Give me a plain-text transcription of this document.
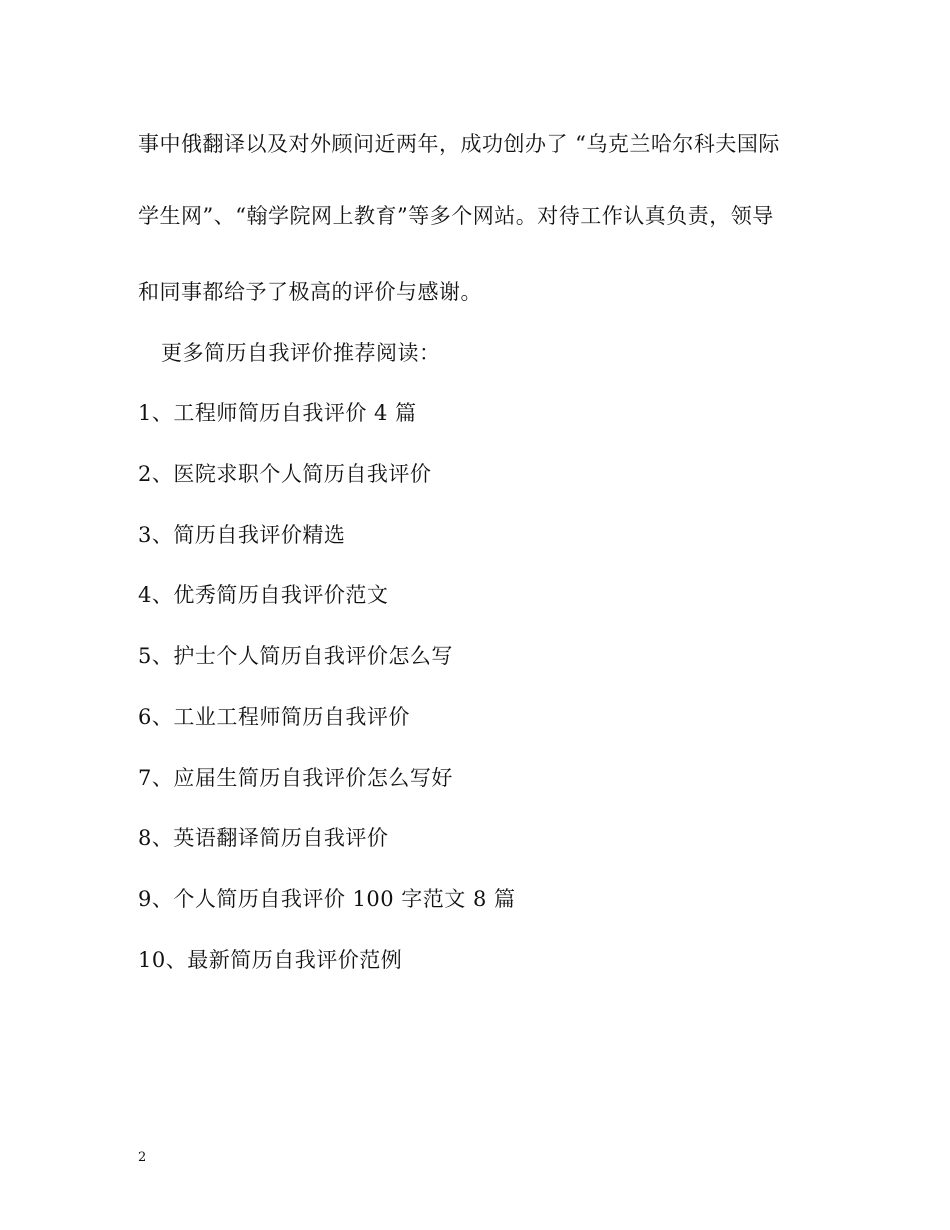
事中俄翻译以及对外顾问近两年，成功创办了 “乌克兰哈尔科夫国际
学生网”、“翰学院网上教育”等多个网站。对待工作认真负责，领导
和同事都给予了极高的评价与感谢。
更多简历自我评价推荐阅读：
1、工程师简历自我评价 4 篇
2、医院求职个人简历自我评价
3、简历自我评价精选
4、优秀简历自我评价范文
5、护士个人简历自我评价怎么写
6、工业工程师简历自我评价
7、应届生简历自我评价怎么写好
8、英语翻译简历自我评价
9、个人简历自我评价 100 字范文 8 篇
10、最新简历自我评价范例
2
